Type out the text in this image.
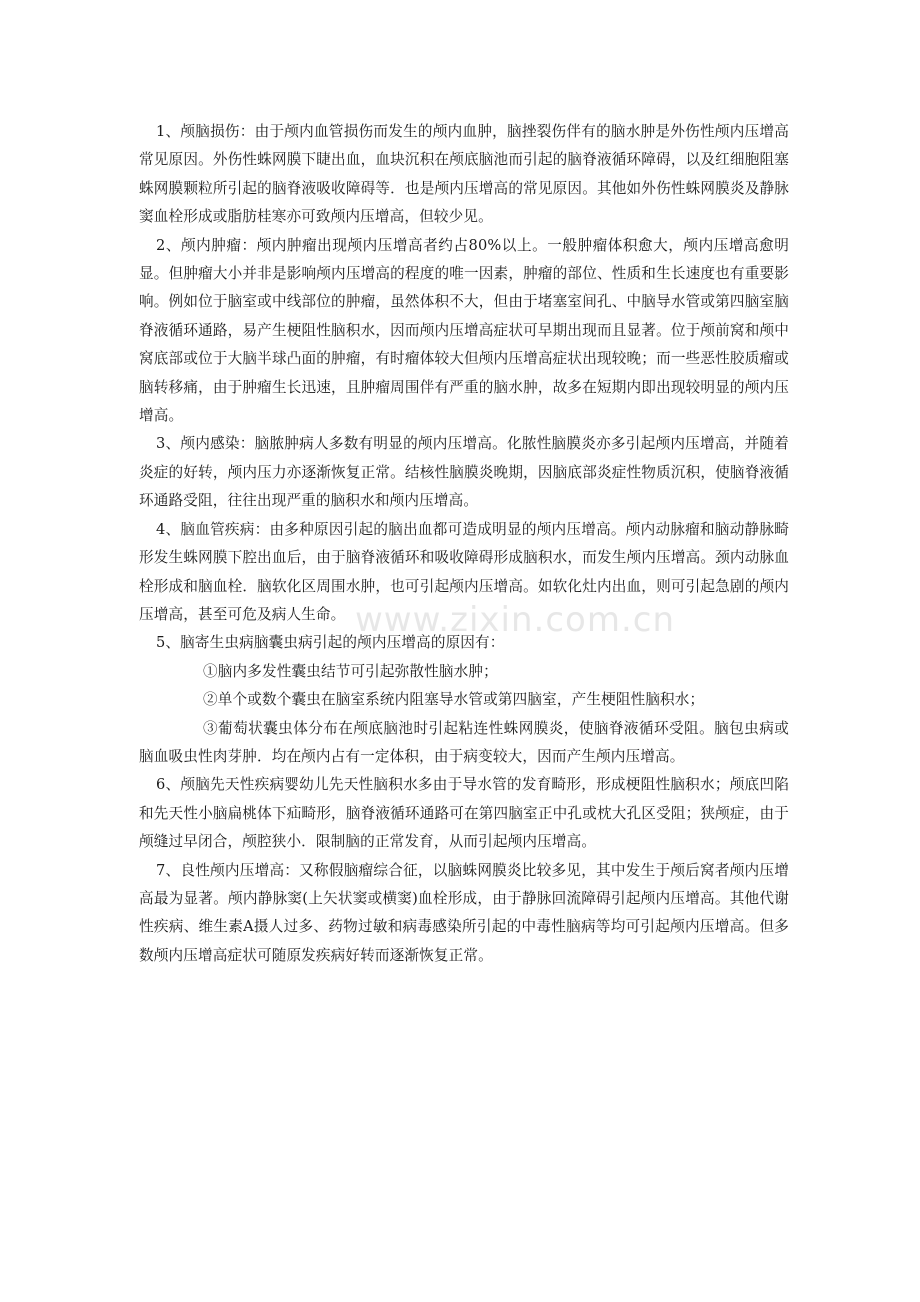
1、颅脑损伤：由于颅内血管损伤而发生的颅内血肿，脑挫裂伤伴有的脑水肿是外伤性颅内压增高常见原因。外伤性蛛网膜下睫出血，血块沉积在颅底脑池而引起的脑脊液循环障碍，以及红细胞阻塞蛛网膜颗粒所引起的脑脊液吸收障碍等．也是颅内压增高的常见原因。其他如外伤性蛛网膜炎及静脉窦血栓形成或脂肪桂寒亦可致颅内压增高，但较少见。

2、颅内肿瘤：颅内肿瘤出现颅内压增高者约占80%以上。一般肿瘤体积愈大，颅内压增高愈明显。但肿瘤大小并非是影响颅内压增高的程度的唯一因素，肿瘤的部位、性质和生长速度也有重要影响。例如位于脑室或中线部位的肿瘤，虽然体积不大，但由于堵塞室间孔、中脑导水管或第四脑室脑脊液循环通路，易产生梗阻性脑积水，因而颅内压增高症状可早期出现而且显著。位于颅前窝和颅中窝底部或位于大脑半球凸面的肿瘤，有时瘤体较大但颅内压增高症状出现较晚；而一些恶性胶质瘤或脑转移痛，由于肿瘤生长迅速，且肿瘤周围伴有严重的脑水肿，故多在短期内即出现较明显的颅内压增高。

3、颅内感染：脑脓肿病人多数有明显的颅内压增高。化脓性脑膜炎亦多引起颅内压增高，并随着炎症的好转，颅内压力亦逐渐恢复正常。结核性脑膜炎晚期，因脑底部炎症性物质沉积，使脑脊液循环通路受阻，往往出现严重的脑积水和颅内压增高。

4、脑血管疾病：由多种原因引起的脑出血都可造成明显的颅内压增高。颅内动脉瘤和脑动静脉畸形发生蛛网膜下腔出血后，由于脑脊液循环和吸收障碍形成脑积水，而发生颅内压增高。颈内动脉血栓形成和脑血栓．脑软化区周围水肿，也可引起颅内压增高。如软化灶内出血，则可引起急剧的颅内压增高，甚至可危及病人生命。

5、脑寄生虫病脑囊虫病引起的颅内压增高的原因有：

①脑内多发性囊虫结节可引起弥散性脑水肿；

②单个或数个囊虫在脑室系统内阻塞导水管或第四脑室，产生梗阻性脑积水；

③葡萄状囊虫体分布在颅底脑池时引起粘连性蛛网膜炎，使脑脊液循环受阻。脑包虫病或脑血吸虫性肉芽肿．均在颅内占有一定体积，由于病变较大，因而产生颅内压增高。

6、颅脑先天性疾病婴幼儿先天性脑积水多由于导水管的发育畸形，形成梗阻性脑积水；颅底凹陷和先天性小脑扁桃体下疝畸形，脑脊液循环通路可在第四脑室正中孔或枕大孔区受阻；狭颅症，由于颅缝过早闭合，颅腔狭小．限制脑的正常发育，从而引起颅内压增高。

7、良性颅内压增高：又称假脑瘤综合征，以脑蛛网膜炎比较多见，其中发生于颅后窝者颅内压增高最为显著。颅内静脉窦(上矢状窦或横窦)血栓形成，由于静脉回流障碍引起颅内压增高。其他代谢性疾病、维生素A摄人过多、药物过敏和病毒感染所引起的中毒性脑病等均可引起颅内压增高。但多数颅内压增高症状可随原发疾病好转而逐渐恢复正常。

www.zixin.com.cn
